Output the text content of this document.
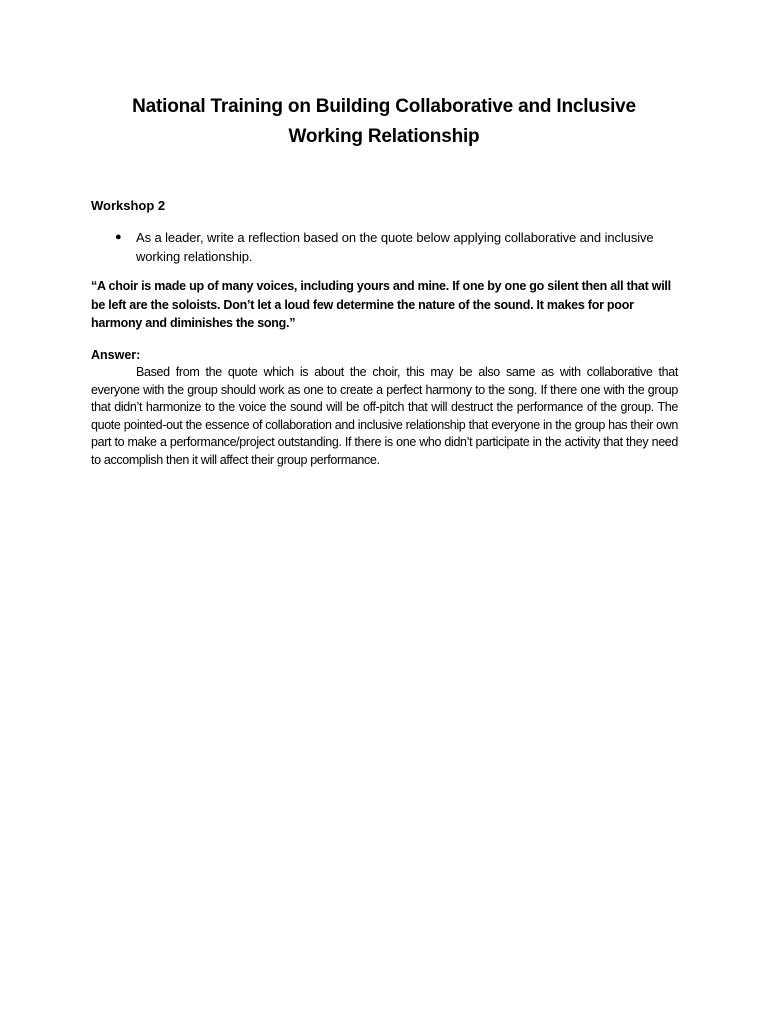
National Training on Building Collaborative and Inclusive
Working Relationship
Workshop 2
●	As a leader, write a reflection based on the quote below applying collaborative and inclusive working relationship.
“A choir is made up of many voices, including yours and mine. If one by one go silent then all that will be left are the soloists. Don’t let a loud few determine the nature of the sound. It makes for poor harmony and diminishes the song.”
Answer:

Based from the quote which is about the choir, this may be also same as with collaborative that everyone with the group should work as one to create a perfect harmony to the song. If there one with the group that didn’t harmonize to the voice the sound will be off-pitch that will destruct the performance of the group. The quote pointed-out the essence of collaboration and inclusive relationship that everyone in the group has their own part to make a performance/project outstanding. If there is one who didn’t participate in the activity that they need to accomplish then it will affect their group performance.
